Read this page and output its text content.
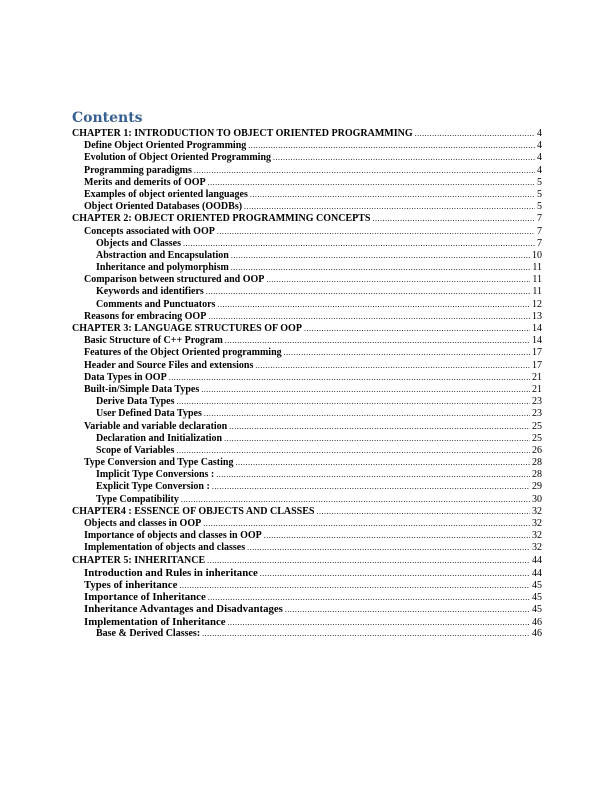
Contents
CHAPTER 1: INTRODUCTION TO OBJECT ORIENTED PROGRAMMING .....	4
Define Object Oriented Programming .....	4
Evolution of Object Oriented Programming .....	4
Programming paradigms .....	4
Merits and demerits of OOP .....	5
Examples of object oriented languages .....	5
Object Oriented Databases (OODBs) .....	5
CHAPTER 2: OBJECT ORIENTED PROGRAMMING CONCEPTS .....	7
Concepts associated with OOP .....	7
Objects and Classes .....	7
Abstraction and Encapsulation .....	10
Inheritance and polymorphism .....	11
Comparison between structured and OOP .....	11
Keywords and identifiers .....	11
Comments and Punctuators .....	12
Reasons for embracing OOP .....	13
CHAPTER 3: LANGUAGE STRUCTURES OF OOP .....	14
Basic Structure of C++ Program .....	14
Features of the Object Oriented programming .....	17
Header and Source Files and extensions .....	17
Data Types in OOP .....	21
Built-in/Simple Data Types .....	21
Derive Data Types .....	23
User Defined Data Types .....	23
Variable and variable declaration .....	25
Declaration and Initialization .....	25
Scope of Variables .....	26
Type Conversion and Type Casting .....	28
Implicit Type Conversions : .....	28
Explicit Type Conversion : .....	29
Type Compatibility .....	30
CHAPTER4 : ESSENCE OF OBJECTS AND CLASSES .....	32
Objects and classes in OOP .....	32
Importance of objects and classes in OOP .....	32
Implementation of objects and classes .....	32
CHAPTER 5: INHERITANCE .....	44
Introduction and Rules in inheritance .....	44
Types of inheritance .....	45
Importance of Inheritance .....	45
Inheritance Advantages and Disadvantages .....	45
Implementation of Inheritance .....	46
Base & Derived Classes: .....	46
